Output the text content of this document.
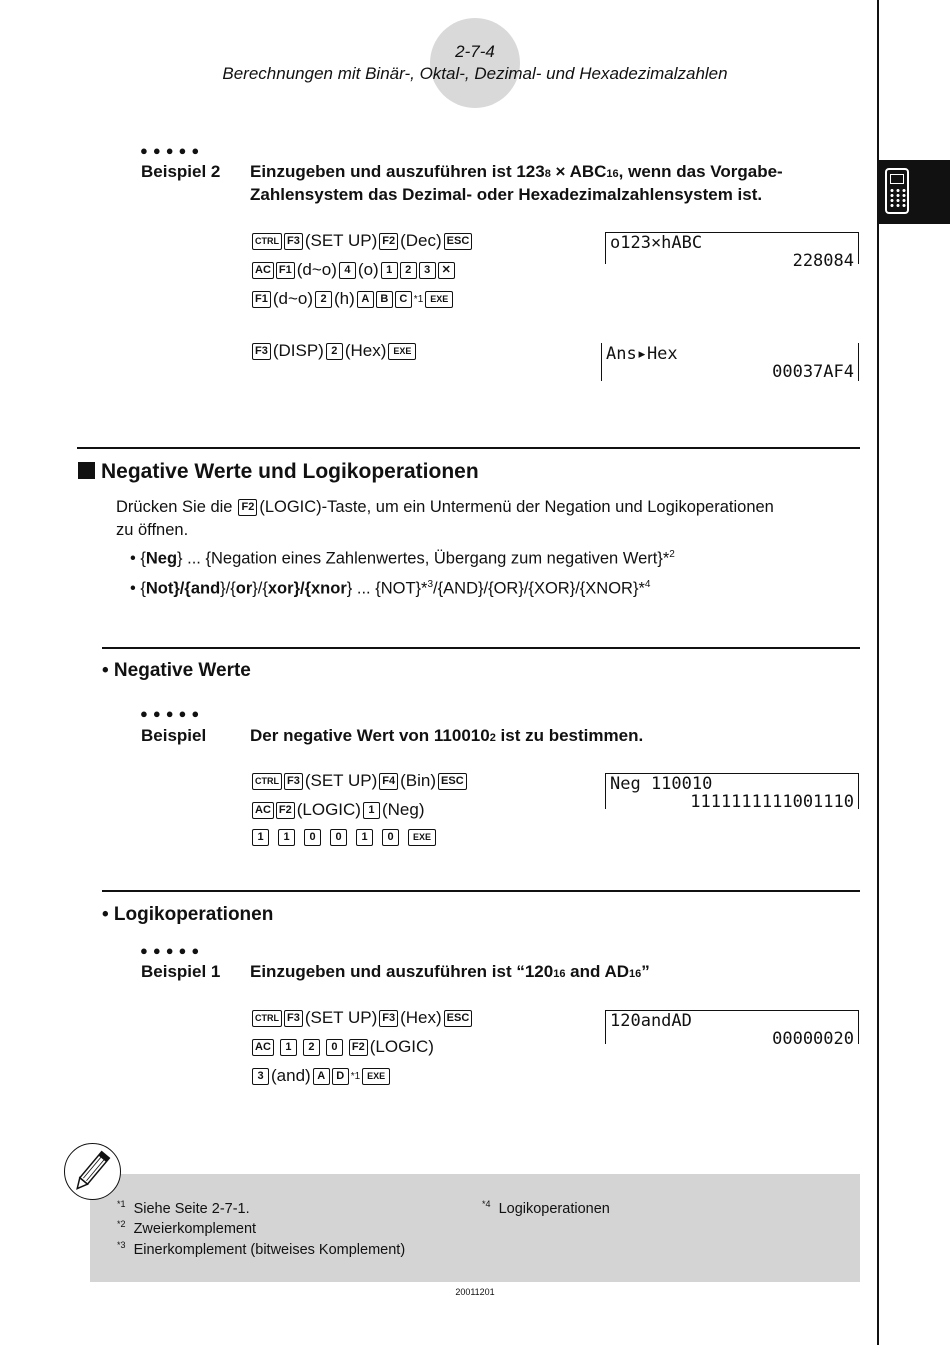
2-7-4
Berechnungen mit Binär-, Oktal-, Dezimal- und Hexadezimalzahlen
●●●●●
Beispiel 2 Einzugeben und auszuführen ist 1238 × ABC16, wenn das Vorgabe-
Zahlensystem das Dezimal- oder Hexadezimalzahlensystem ist.
CTRL F3 (SET UP) F2 (Dec) ESC
AC F1 (d~o) 4 (o) 1	2	3	✕
F1 (d~o) 2 (h) A	B	C *1 EXE
F3 (DISP) 2 (Hex) EXE
o123×hABC
228084
Ans▸Hex
00037AF4
Negative Werte und Logikoperationen
Drücken Sie die F2 (LOGIC)-Taste, um ein Untermenü der Negation und Logikoperationen
zu öffnen.
• {Neg} ... {Negation eines Zahlenwertes, Übergang zum negativen Wert}*$^2$
• {Not}/{and}/{or}/{xor}/{xnor} ... {NOT}*$^3$/{AND}/{OR}/{XOR}/{XNOR}*$^4$
• Negative Werte
●●●●●
Beispiel	Der negative Wert von 1100102 ist zu bestimmen.
CTRL F3 (SET UP) F4 (Bin) ESC
AC F2 (LOGIC) 1 (Neg)
1	1	0	0	1	0	EXE
Neg 110010
1111111111001110
• Logikoperationen
●●●●●
Beispiel 1 Einzugeben und auszuführen ist “12016 and AD16”
CTRL F3 (SET UP) F3 (Hex) ESC
AC	1	2	0	F2 (LOGIC)
3 (and) A	D *1 EXE
120andAD
00000020
$^{*1}$ Siehe Seite 2-7-1.
$^{*2}$ Zweierkomplement
$^{*3}$ Einerkomplement (bitweises Komplement)
$^{*4}$ Logikoperationen
20011201
